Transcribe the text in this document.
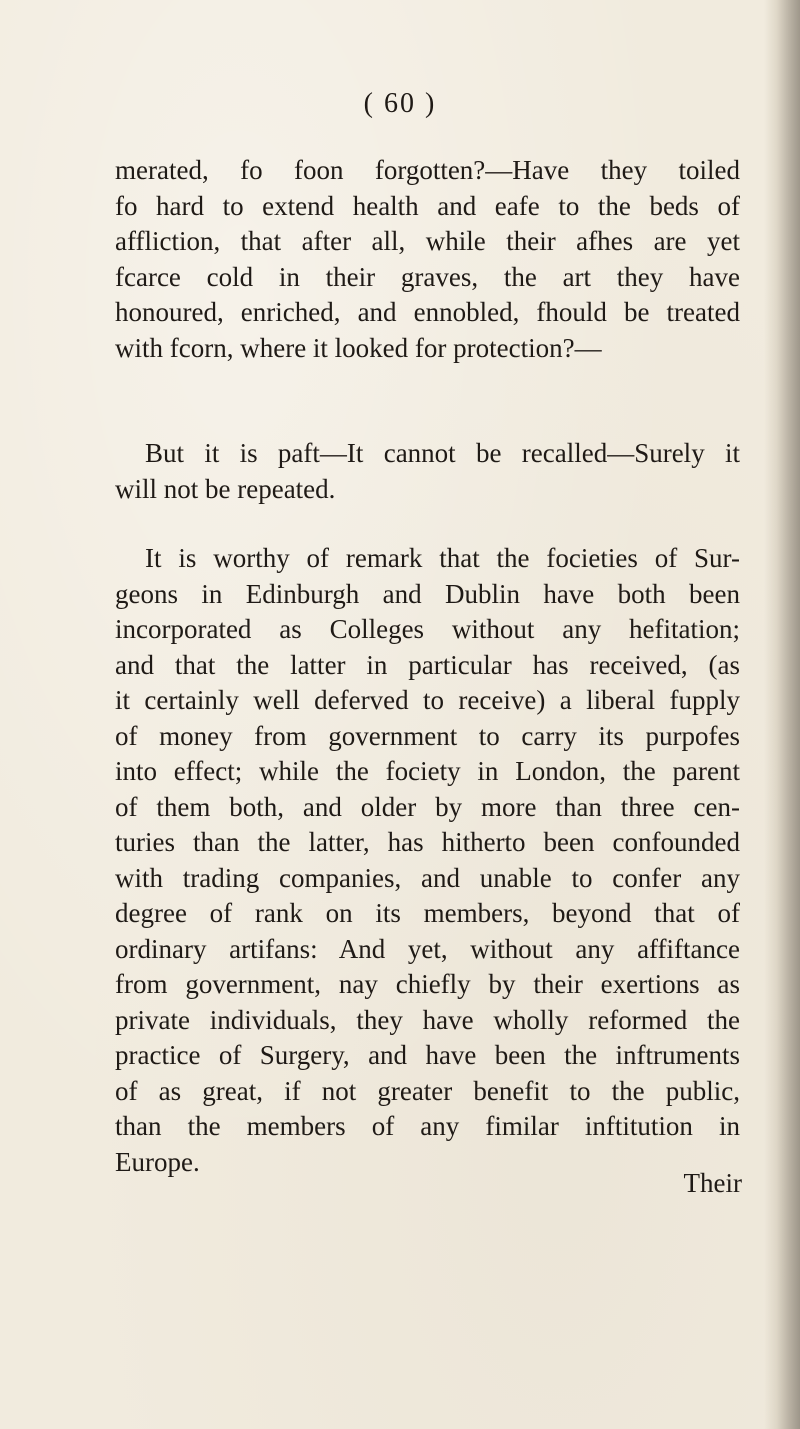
( 60 )
merated, fo foon forgotten?—Have they toiled
fo hard to extend health and eafe to the beds of
affliction, that after all, while their afhes are yet
fcarce cold in their graves, the art they have
honoured, enriched, and ennobled, fhould be treated
with fcorn, where it looked for protection?—
But it is paft—It cannot be recalled—Surely it
will not be repeated.
It is worthy of remark that the focieties of Sur-
geons in Edinburgh and Dublin have both been
incorporated as Colleges without any hefitation;
and that the latter in particular has received, (as
it certainly well deferved to receive) a liberal fupply
of money from government to carry its purpofes
into effect; while the fociety in London, the parent
of them both, and older by more than three cen-
turies than the latter, has hitherto been confounded
with trading companies, and unable to confer any
degree of rank on its members, beyond that of
ordinary artifans: And yet, without any affiftance
from government, nay chiefly by their exertions as
private individuals, they have wholly reformed the
practice of Surgery, and have been the inftruments
of as great, if not greater benefit to the public,
than the members of any fimilar inftitution in
Europe.
Their
